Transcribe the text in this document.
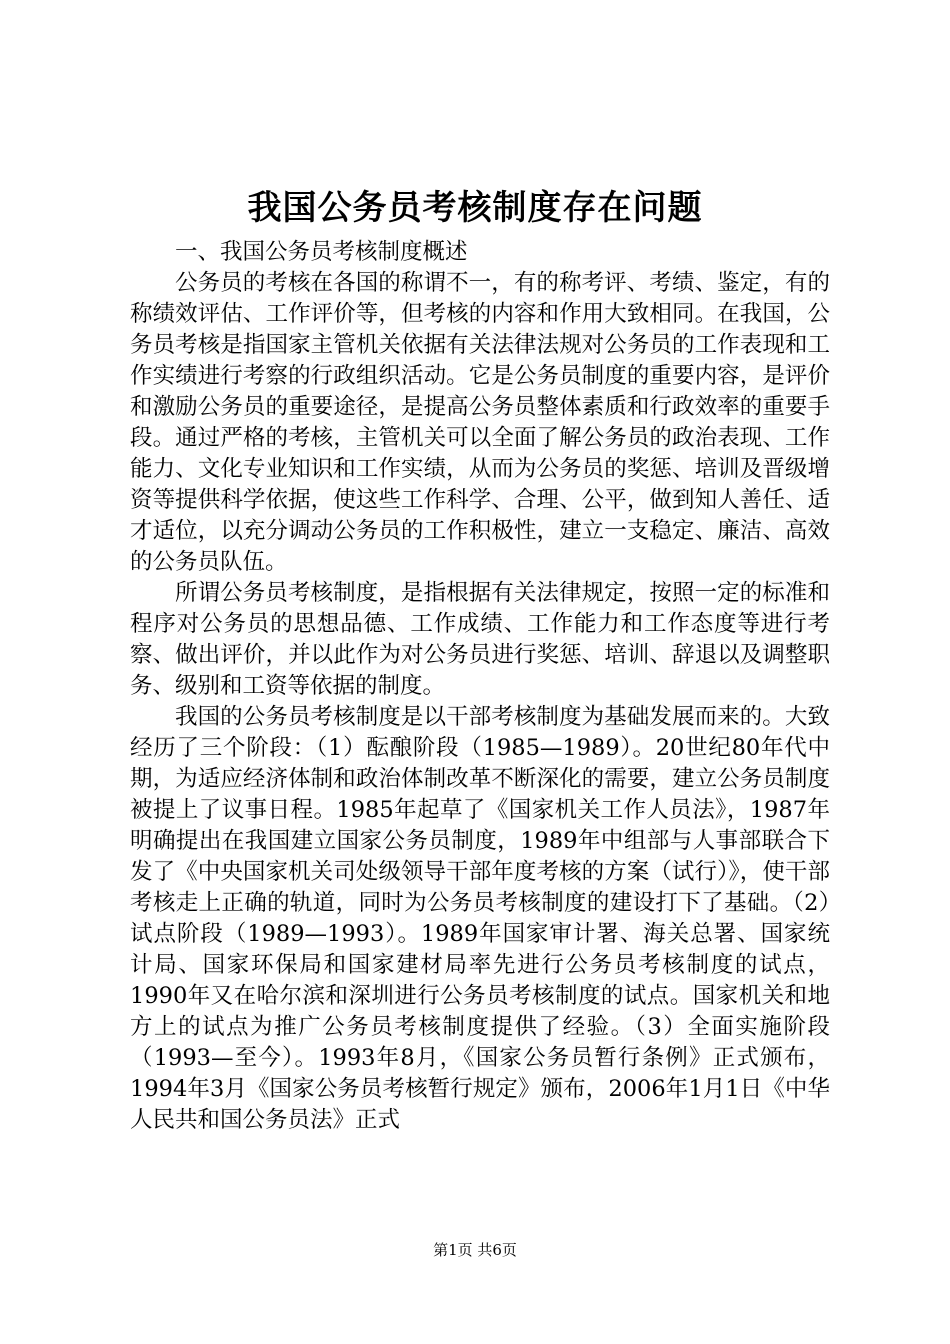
我国公务员考核制度存在问题

一、我国公务员考核制度概述

公务员的考核在各国的称谓不一，有的称考评、考绩、鉴定，有的称绩效评估、工作评价等，但考核的内容和作用大致相同。在我国，公务员考核是指国家主管机关依据有关法律法规对公务员的工作表现和工作实绩进行考察的行政组织活动。它是公务员制度的重要内容，是评价和激励公务员的重要途径，是提高公务员整体素质和行政效率的重要手段。通过严格的考核，主管机关可以全面了解公务员的政治表现、工作能力、文化专业知识和工作实绩，从而为公务员的奖惩、培训及晋级增资等提供科学依据，使这些工作科学、合理、公平，做到知人善任、适才适位，以充分调动公务员的工作积极性，建立一支稳定、廉洁、高效的公务员队伍。

所谓公务员考核制度，是指根据有关法律规定，按照一定的标准和程序对公务员的思想品德、工作成绩、工作能力和工作态度等进行考察、做出评价，并以此作为对公务员进行奖惩、培训、辞退以及调整职务、级别和工资等依据的制度。

我国的公务员考核制度是以干部考核制度为基础发展而来的。大致经历了三个阶段：（1）酝酿阶段（1985—1989）。20世纪80年代中期，为适应经济体制和政治体制改革不断深化的需要，建立公务员制度被提上了议事日程。1985年起草了《国家机关工作人员法》，1987年明确提出在我国建立国家公务员制度，1989年中组部与人事部联合下发了《中央国家机关司处级领导干部年度考核的方案（试行）》，使干部考核走上正确的轨道，同时为公务员考核制度的建设打下了基础。（2）试点阶段（1989—1993）。1989年国家审计署、海关总署、国家统计局、国家环保局和国家建材局率先进行公务员考核制度的试点，1990年又在哈尔滨和深圳进行公务员考核制度的试点。国家机关和地方上的试点为推广公务员考核制度提供了经验。（3）全面实施阶段（1993—至今）。1993年8月，《国家公务员暂行条例》正式颁布，1994年3月《国家公务员考核暂行规定》颁布，2006年1月1日《中华人民共和国公务员法》正式

第1页 共6页
